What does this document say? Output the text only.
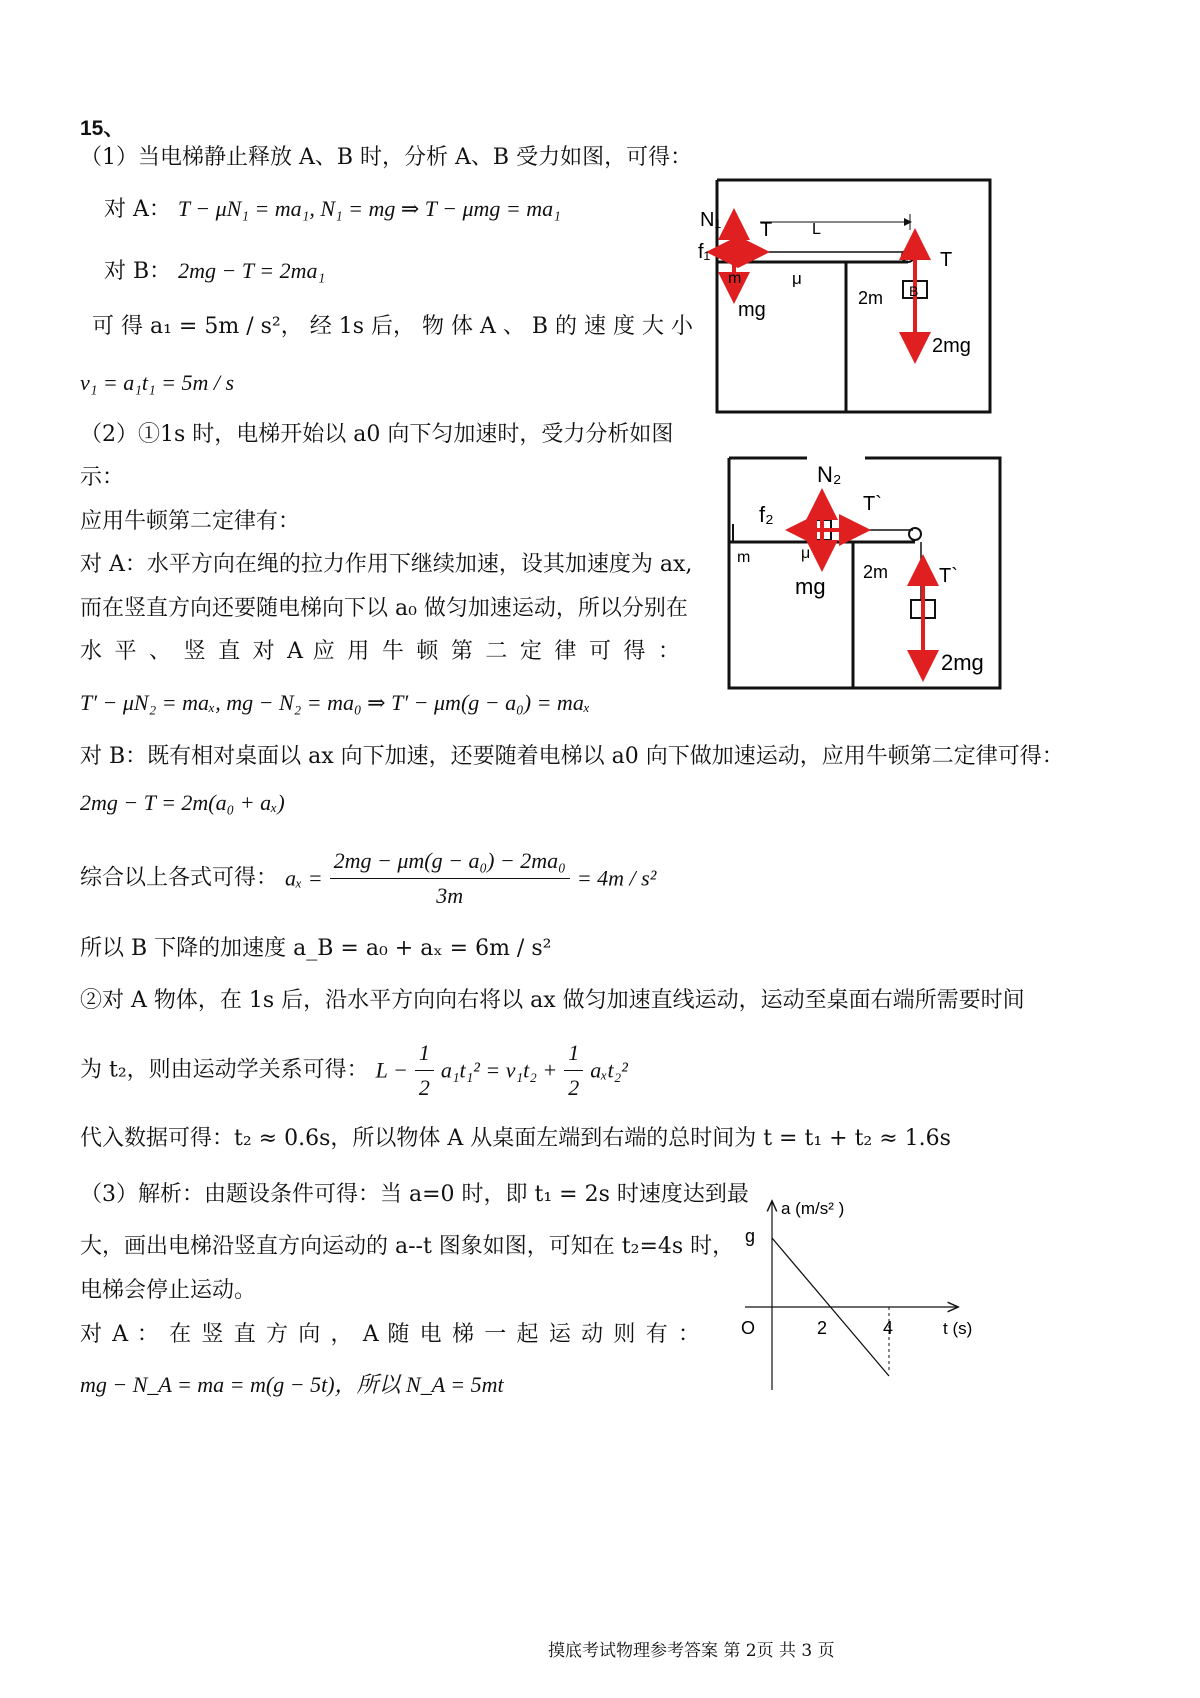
15、
（1）当电梯静止释放 A、B 时，分析 A、B 受力如图，可得：
对 A： T − μN₁ = ma₁, N₁ = mg ⇒ T − μmg = ma₁
对 B： 2mg − T = 2ma₁
可 得 a₁ = 5m / s²， 经 1s 后， 物 体 A 、 B 的 速 度 大 小
v₁ = a₁t₁ = 5m / s
（2）①1s 时，电梯开始以 a0 向下匀加速时，受力分析如图
示：
应用牛顿第二定律有：
对 A：水平方向在绳的拉力作用下继续加速，设其加速度为 ax,
而在竖直方向还要随电梯向下以 a₀ 做匀加速运动，所以分别在
水 平 、 竖 直 对 A 应 用 牛 顿 第 二 定 律 可 得 ：
T′ − μN₂ = maₓ, mg − N₂ = ma₀ ⇒ T′ − μm(g − a₀) = maₓ
对 B：既有相对桌面以 ax 向下加速，还要随着电梯以 a0 向下做加速运动，应用牛顿第二定律可得：
2mg − T = 2m(a₀ + aₓ)
综合以上各式可得： $a_x = \frac{\text{2mg − μm(g − a₀) − 2ma₀}}{3m} = 4m / s^2$
所以 B 下降的加速度 a_B = a₀ + aₓ = 6m / s²
②对 A 物体，在 1s 后，沿水平方向向右将以 ax 做匀加速直线运动，运动至桌面右端所需要时间
为 t₂，则由运动学关系可得： $L - \frac{1}{2} a_1t_1^2 = v_1t_2 + \frac{1}{2} a_xt_2^2$
代入数据可得：t₂ ≈ 0.6s，所以物体 A 从桌面左端到右端的总时间为 t = t₁ + t₂ ≈ 1.6s
（3）解析：由题设条件可得：当 a=0 时，即 t₁ = 2s 时速度达到最
大，画出电梯沿竖直方向运动的 a--t 图象如图，可知在 t₂=4s 时，
电梯会停止运动。
对 A ： 在 竖 直 方 向 ， A 随 电 梯 一 起 运 动 则 有 ：
mg − N_A = ma = m(g − 5t)，所以 N_A = 5mt
摸底考试物理参考答案 第 2页 共 3 页
N₁ T L
f₁
m	μ
mg
T
2m B
2mg
N₂
T`
f₂
m	μ
mg
2m	T`
2mg
a (m/s² )
g
O	2	4	t (s)
